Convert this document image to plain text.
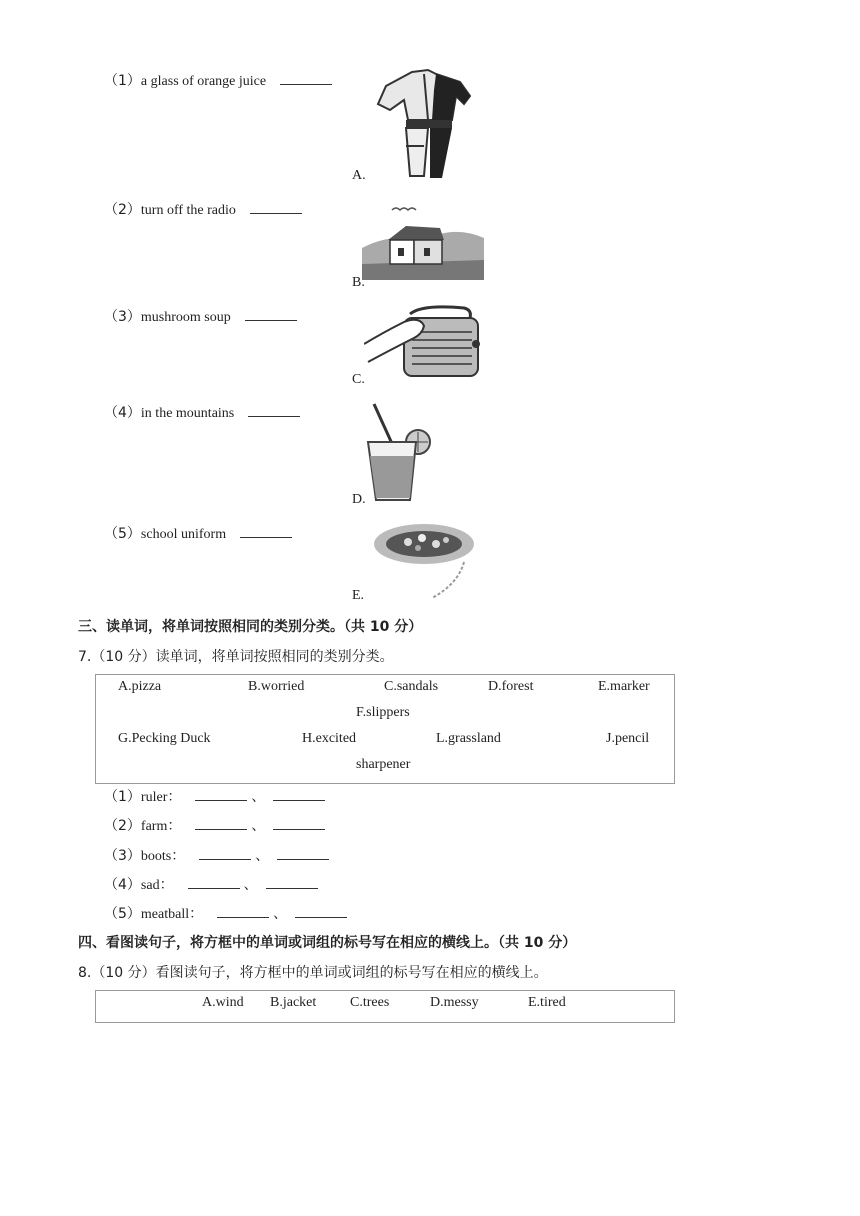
（1）a glass of orange juice
（2）turn off the radio
（3）mushroom soup
（4）in the mountains
（5）school uniform
A.
B.
C.
D.
E.
三、读单词，将单词按照相同的类别分类。（共 10 分）
7.（10 分）读单词，将单词按照相同的类别分类。
A.pizza	B.worried	C.sandals	D.forest	E.marker
F.slippers
G.Pecking Duck	H.excited	L.grassland	J.pencil
sharpener
（1）ruler：	、
（2）farm：	、
（3）boots：	、
（4）sad：	、
（5）meatball：	、
四、看图读句子，将方框中的单词或词组的标号写在相应的横线上。（共 10 分）
8.（10 分）看图读句子，将方框中的单词或词组的标号写在相应的横线上。
A.wind B.jacket C.trees	D.messy	E.tired
